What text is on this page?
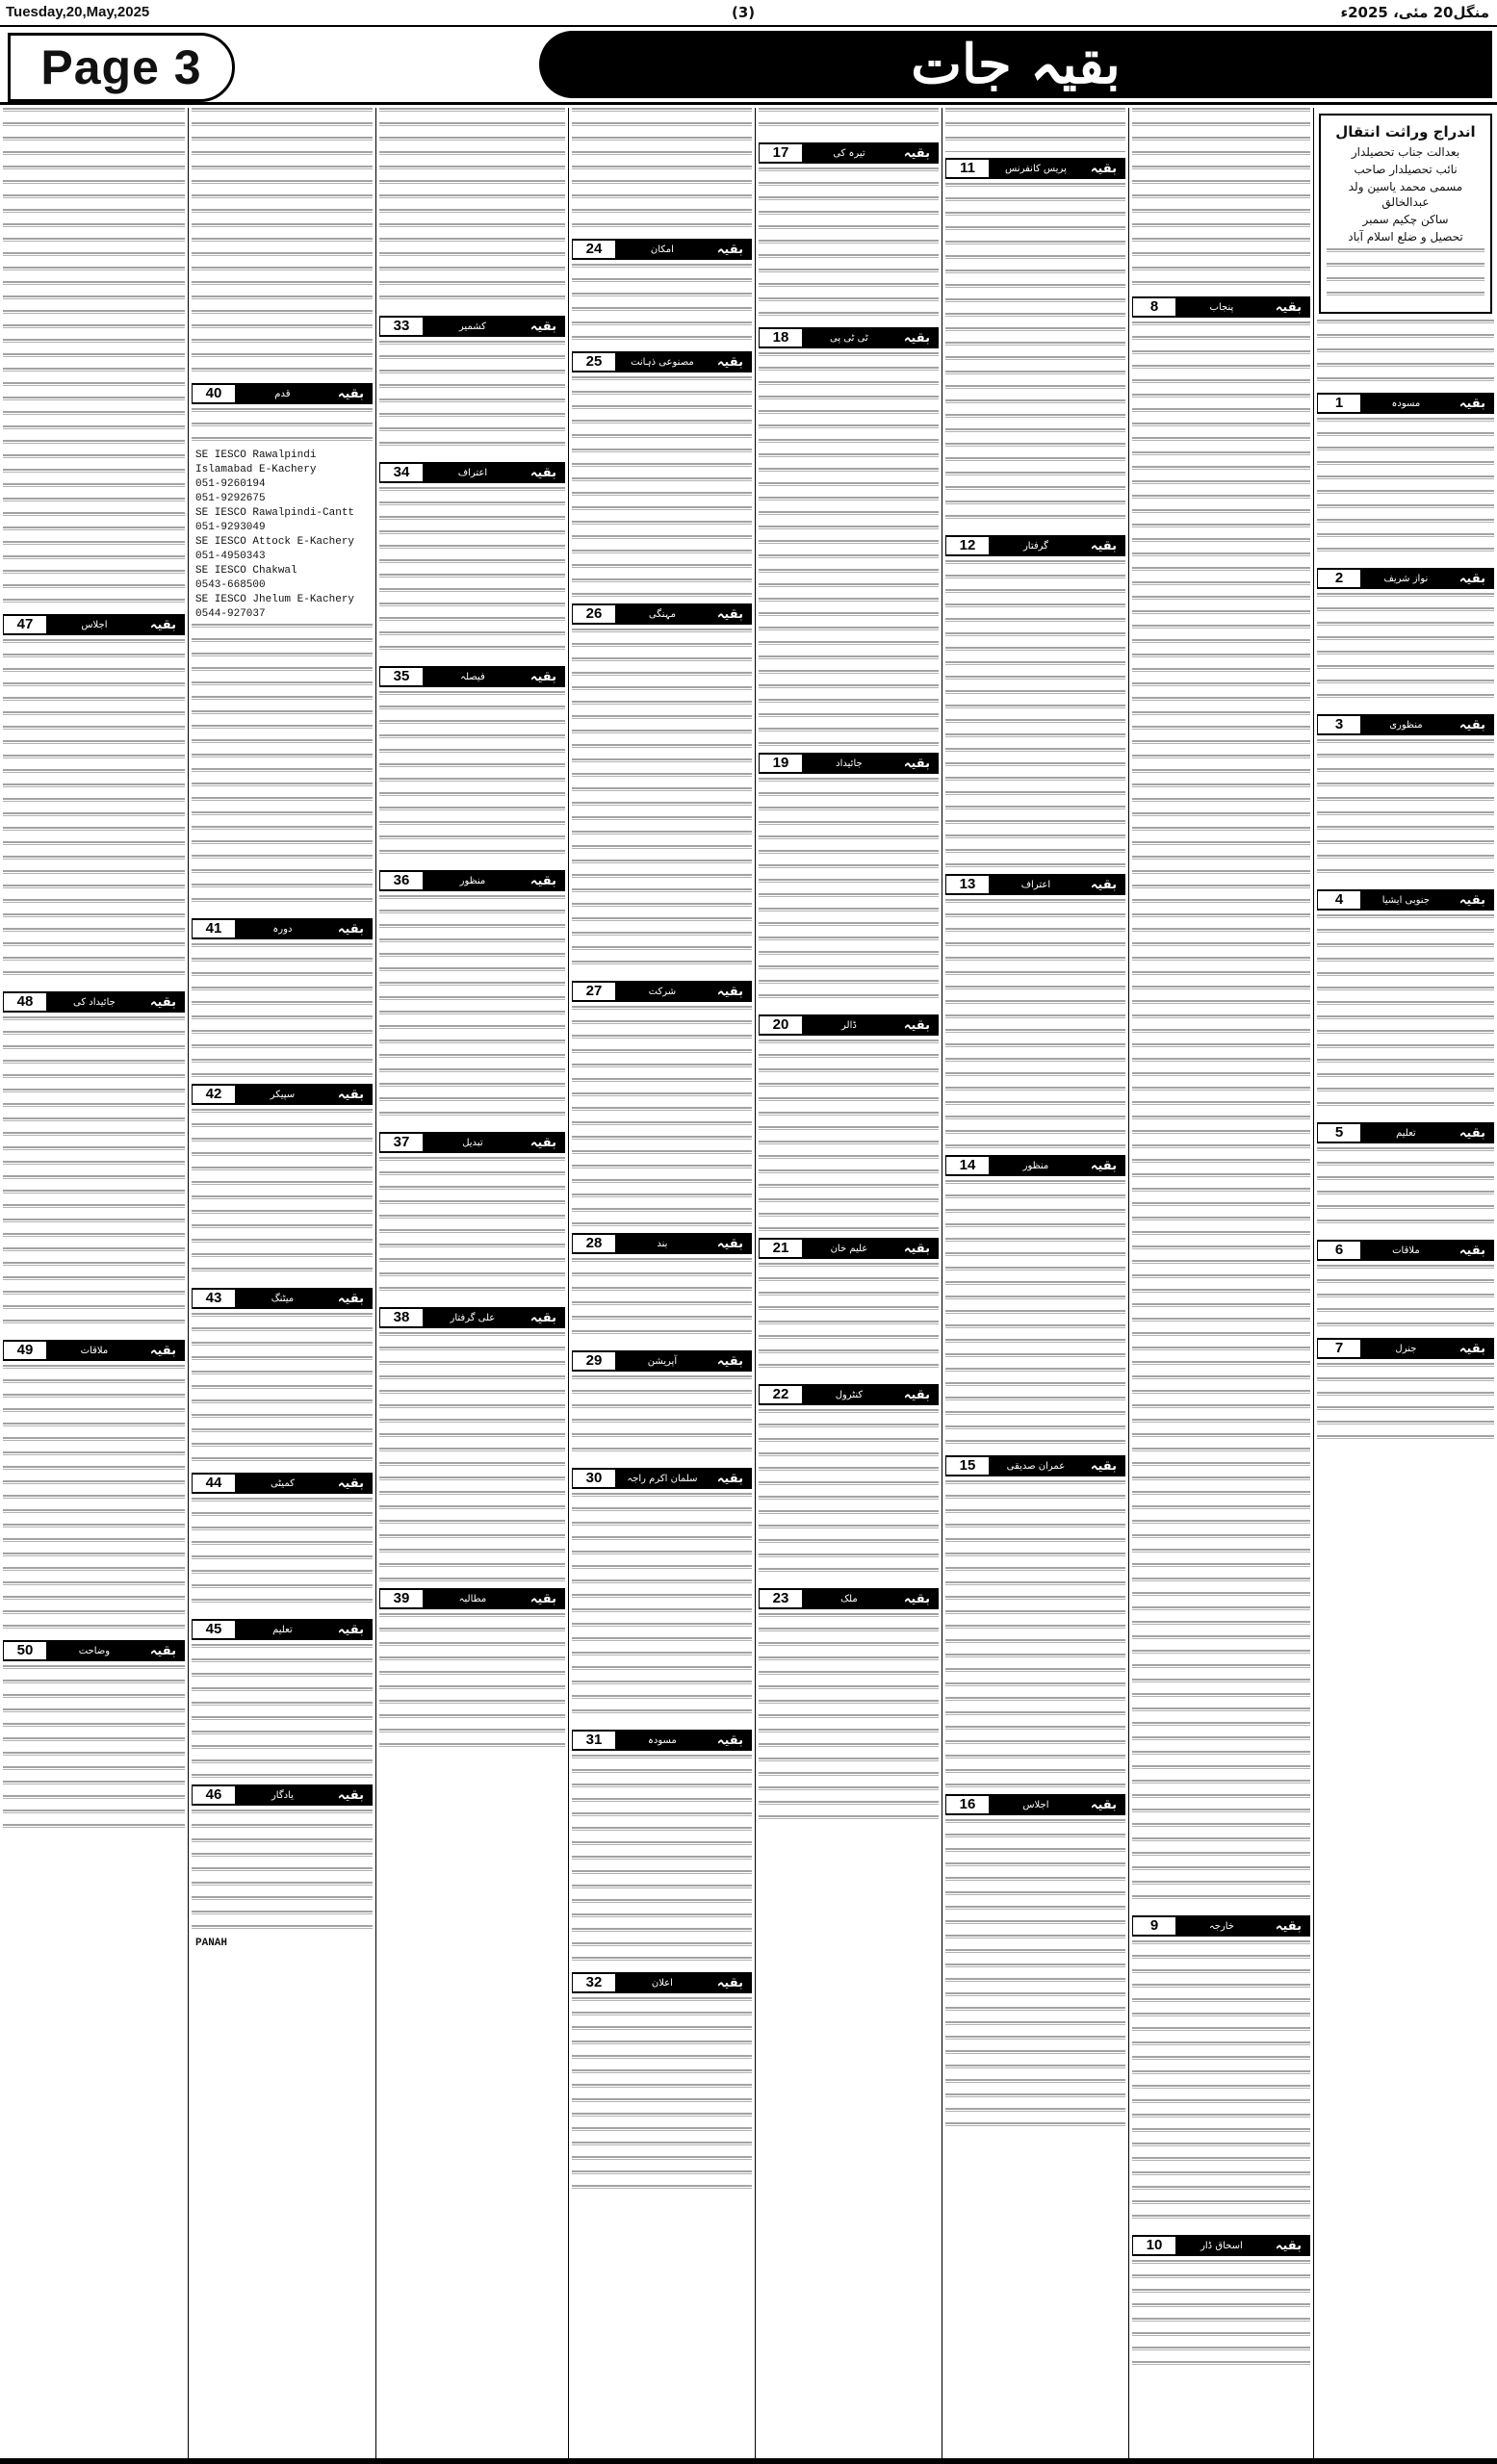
Tuesday,20,May,2025	(3)	منگل20 مئی، 2025ء
Page 3	بقیہ جات
اندراج وراثت انتقال

بعدالت جناب تحصیلدار

نائب تحصیلدار صاحب

مسمی محمد یاسین ولد عبدالخالق

ساکن چکیم سمبر

تحصیل و ضلع اسلام آباد

1	مسودہ	بقیہ
2	نواز شریف	بقیہ
3	منظوری	بقیہ
4	جنوبی ایشیا	بقیہ
5	تعلیم	بقیہ
6	ملاقات	بقیہ
7	جنرل	بقیہ
8	پنجاب	بقیہ
9	خارجہ	بقیہ
10	اسحاق ڈار	بقیہ
11	پریس کانفرنس	بقیہ
12	گرفتار	بقیہ
13	اعتراف	بقیہ
14	منظور	بقیہ
15	عمران صدیقی	بقیہ
16	اجلاس	بقیہ
17	تیرہ کی	بقیہ
18	ٹی ٹی پی	بقیہ
19	جائیداد	بقیہ
20	ڈالر	بقیہ
21	علیم خان	بقیہ
22	کنٹرول	بقیہ
23	ملک	بقیہ
24	امکان	بقیہ
25	مصنوعی ذہانت	بقیہ
26	مہنگی	بقیہ
27	شرکت	بقیہ
28	بند	بقیہ
29	آپریشن	بقیہ
30	سلمان اکرم راجہ	بقیہ
31	مسودہ	بقیہ
32	اعلان	بقیہ
33	کشمیر	بقیہ
34	اعتراف	بقیہ
35	فیصلہ	بقیہ
36	منظور	بقیہ
37	تبدیل	بقیہ
38	علی گرفتار	بقیہ
39	مطالبہ	بقیہ
40	قدم	بقیہ
SE IESCO Rawalpindi
Islamabad E-Kachery
051-9260194
051-9292675
SE IESCO Rawalpindi-Cantt
051-9293049
SE IESCO Attock E-Kachery
051-4950343
SE IESCO Chakwal
0543-668500
SE IESCO Jhelum E-Kachery
0544-927037
41	دورہ	بقیہ
42	سپیکر	بقیہ
43	میٹنگ	بقیہ
44	کمیٹی	بقیہ
45	تعلیم	بقیہ
46	یادگار	بقیہ
PANAH
47	اجلاس	بقیہ
48	جائیداد کی	بقیہ
49	ملاقات	بقیہ
50	وضاحت	بقیہ
